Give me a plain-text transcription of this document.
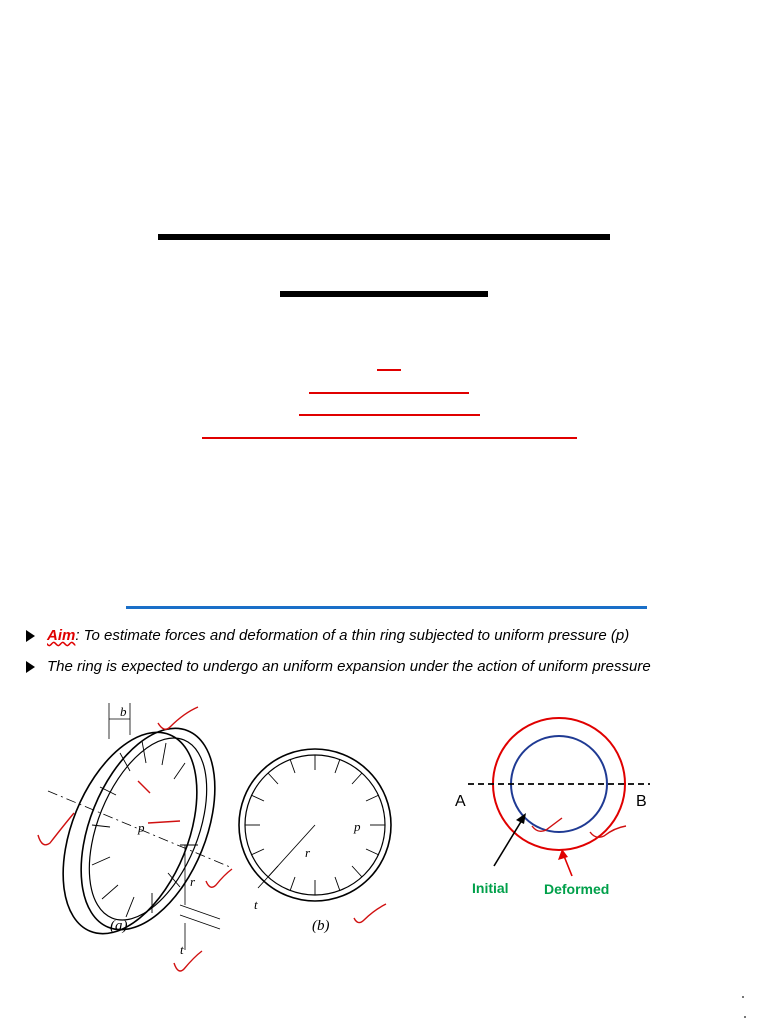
Aim : To estimate forces and deformation of a thin ring subjected to uniform pressure (p)
The ring is expected to undergo an uniform expansion under the action of uniform pressure
b
p
r
t
(a)
p
r
t
(b)
A	B
Initial	Deformed
